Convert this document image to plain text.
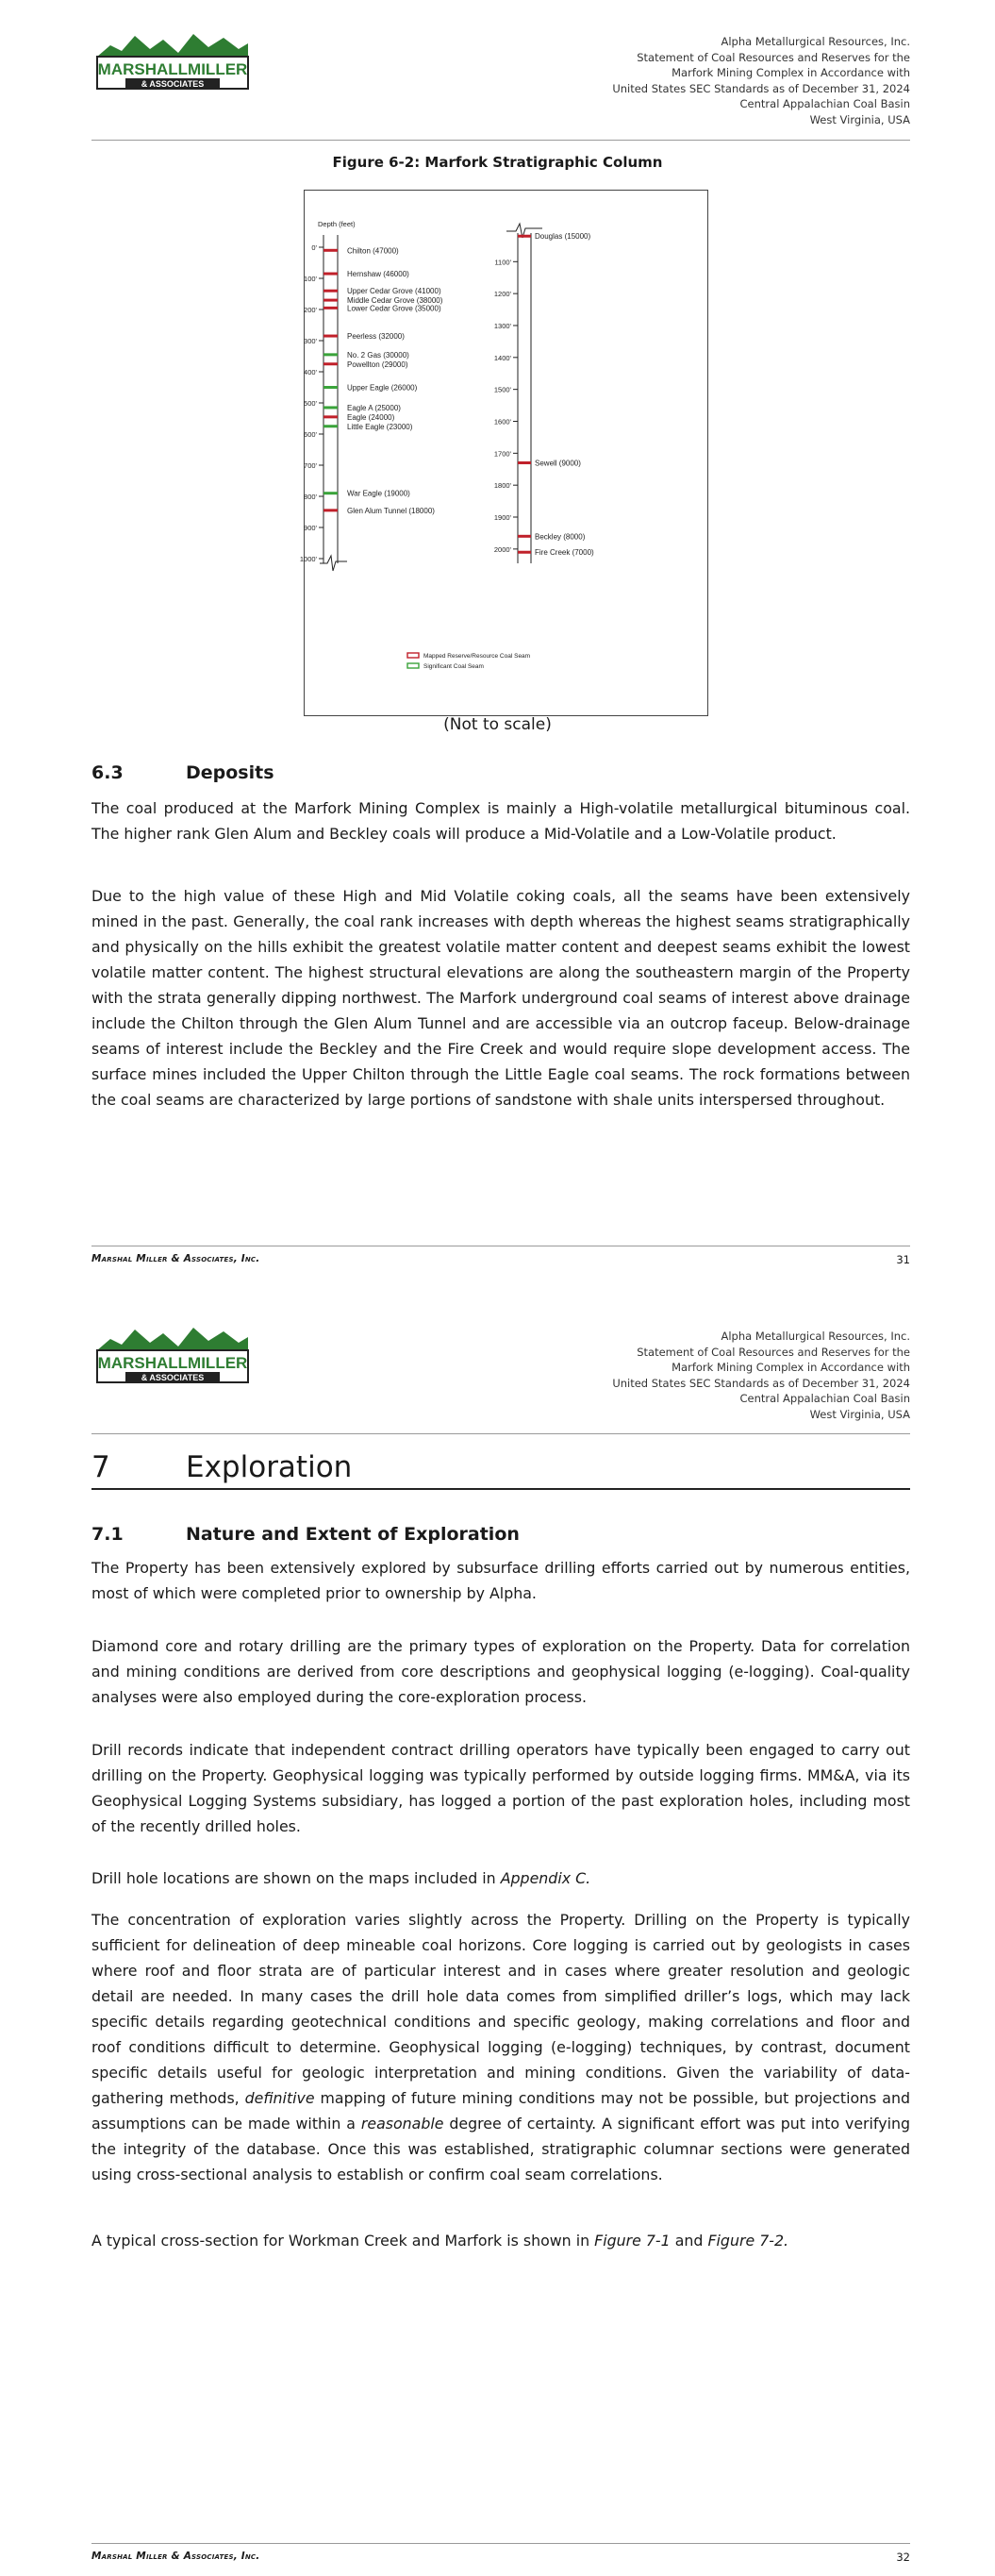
MARSHALLMILLER
& ASSOCIATES
Alpha Metallurgical Resources, Inc.
Statement of Coal Resources and Reserves for the
Marfork Mining Complex in Accordance with
United States SEC Standards as of December 31, 2024
Central Appalachian Coal Basin
West Virginia, USA
Figure 6-2: Marfork Stratigraphic Column
Depth (feet)
0'
100'
200'
300'
400'
500'
600'
700'
800'
900'
1000'
Chilton (47000)
Hernshaw (46000)
Upper Cedar Grove (41000)
Middle Cedar Grove (38000)
Lower Cedar Grove (35000)
Peerless (32000)
No. 2 Gas (30000)
Powellton (29000)
Upper Eagle (26000)
Eagle A (25000)
Eagle (24000)
Little Eagle (23000)
War Eagle (19000)
Glen Alum Tunnel (18000)
1100'
1200'
1300'
1400'
1500'
1600'
1700'
1800'
1900'
2000'
Douglas (15000)
Sewell (9000)
Beckley (8000)
Fire Creek (7000)
Mapped Reserve/Resource Coal Seam
Significant Coal Seam
(Not to scale)
6.3	Deposits

The coal produced at the Marfork Mining Complex is mainly a High-volatile metallurgical bituminous coal. The higher rank Glen Alum and Beckley coals will produce a Mid-Volatile and a Low-Volatile product.

Due to the high value of these High and Mid Volatile coking coals, all the seams have been extensively mined in the past. Generally, the coal rank increases with depth whereas the highest seams stratigraphically and physically on the hills exhibit the greatest volatile matter content and deepest seams exhibit the lowest volatile matter content. The highest structural elevations are along the southeastern margin of the Property with the strata generally dipping northwest. The Marfork underground coal seams of interest above drainage include the Chilton through the Glen Alum Tunnel and are accessible via an outcrop faceup. Below-drainage seams of interest include the Beckley and the Fire Creek and would require slope development access. The surface mines included the Upper Chilton through the Little Eagle coal seams. The rock formations between the coal seams are characterized by large portions of sandstone with shale units interspersed throughout.

Marshal Miller & Associates, Inc.	31
MARSHALLMILLER
& ASSOCIATES
Alpha Metallurgical Resources, Inc.
Statement of Coal Resources and Reserves for the
Marfork Mining Complex in Accordance with
United States SEC Standards as of December 31, 2024
Central Appalachian Coal Basin
West Virginia, USA
7	Exploration
7.1	Nature and Extent of Exploration

The Property has been extensively explored by subsurface drilling efforts carried out by numerous entities, most of which were completed prior to ownership by Alpha.

Diamond core and rotary drilling are the primary types of exploration on the Property. Data for correlation and mining conditions are derived from core descriptions and geophysical logging (e-logging). Coal-quality analyses were also employed during the core-exploration process.

Drill records indicate that independent contract drilling operators have typically been engaged to carry out drilling on the Property. Geophysical logging was typically performed by outside logging firms. MM&A, via its Geophysical Logging Systems subsidiary, has logged a portion of the past exploration holes, including most of the recently drilled holes.

Drill hole locations are shown on the maps included in Appendix C.

The concentration of exploration varies slightly across the Property. Drilling on the Property is typically sufficient for delineation of deep mineable coal horizons. Core logging is carried out by geologists in cases where roof and floor strata are of particular interest and in cases where greater resolution and geologic detail are needed. In many cases the drill hole data comes from simplified driller’s logs, which may lack specific details regarding geotechnical conditions and specific geology, making correlations and floor and roof conditions difficult to determine. Geophysical logging (e-logging) techniques, by contrast, document specific details useful for geologic interpretation and mining conditions. Given the variability of data-gathering methods, definitive mapping of future mining conditions may not be possible, but projections and assumptions can be made within a reasonable degree of certainty. A significant effort was put into verifying the integrity of the database. Once this was established, stratigraphic columnar sections were generated using cross-sectional analysis to establish or confirm coal seam correlations.

A typical cross-section for Workman Creek and Marfork is shown in Figure 7-1 and Figure 7-2.

Marshal Miller & Associates, Inc.	32
